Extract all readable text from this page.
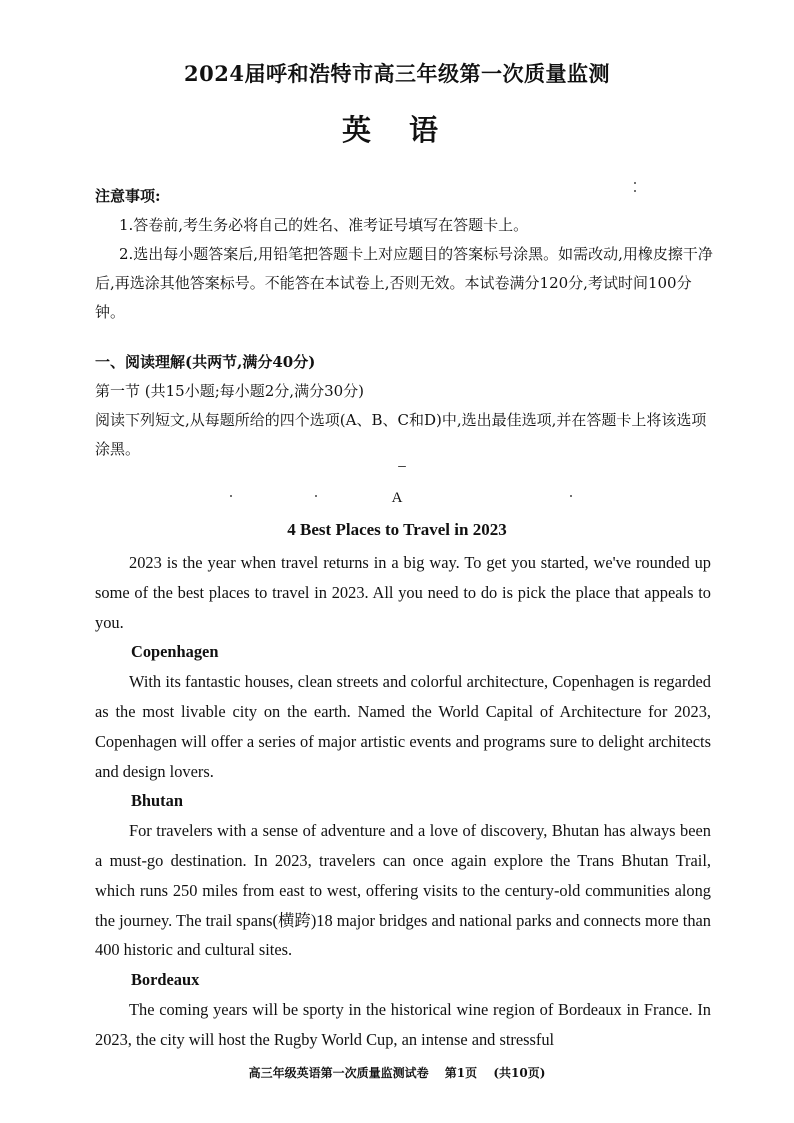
2024届呼和浩特市高三年级第一次质量监测
英 语
注意事项:

1.答卷前,考生务必将自己的姓名、准考证号填写在答题卡上。

2.选出每小题答案后,用铅笔把答题卡上对应题目的答案标号涂黑。如需改动,用橡皮擦干净后,再选涂其他答案标号。不能答在本试卷上,否则无效。本试卷满分120分,考试时间100分钟。

一、阅读理解(共两节,满分40分)

第一节 (共15小题;每小题2分,满分30分)

阅读下列短文,从每题所给的四个选项(A、B、C和D)中,选出最佳选项,并在答题卡上将该选项涂黑。

A
4 Best Places to Travel in 2023

2023 is the year when travel returns in a big way. To get you started, we've rounded up some of the best places to travel in 2023. All you need to do is pick the place that appeals to you.

Copenhagen

With its fantastic houses, clean streets and colorful architecture, Copenhagen is regarded as the most livable city on the earth. Named the World Capital of Architecture for 2023, Copenhagen will offer a series of major artistic events and programs sure to delight architects and design lovers.

Bhutan

For travelers with a sense of adventure and a love of discovery, Bhutan has always been a must-go destination. In 2023, travelers can once again explore the Trans Bhutan Trail, which runs 250 miles from east to west, offering visits to the century-old communities along the journey. The trail spans(横跨)18 major bridges and national parks and connects more than 400 historic and cultural sites.

Bordeaux

The coming years will be sporty in the historical wine region of Bordeaux in France. In 2023, the city will host the Rugby World Cup, an intense and stressful

高三年级英语第一次质量监测试卷 第1页 (共10页)
